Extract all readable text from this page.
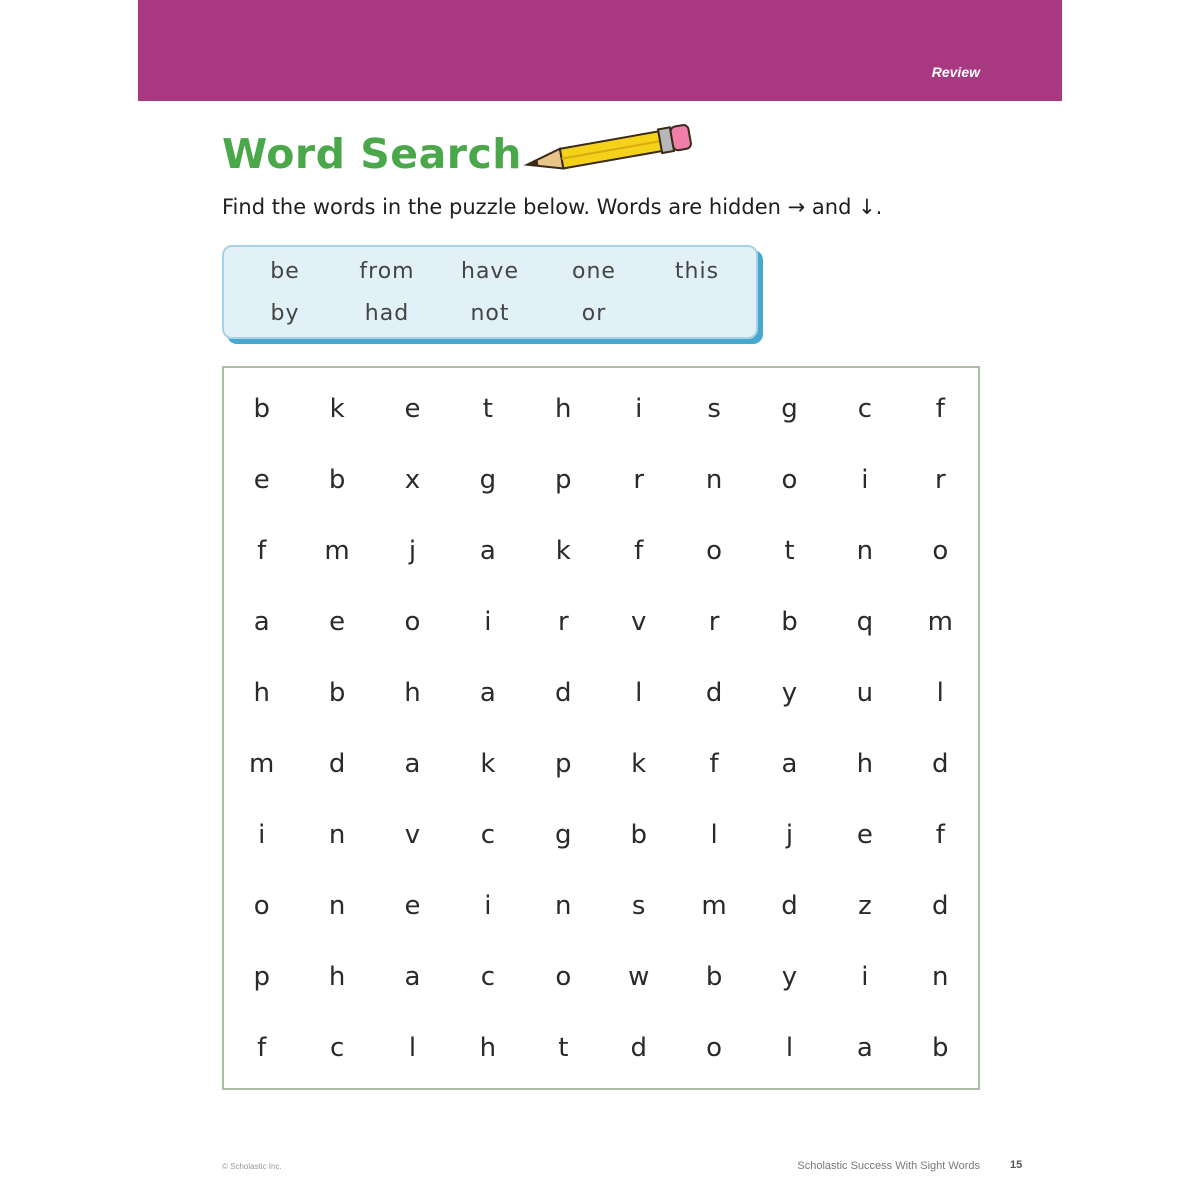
Review
Word Search

Find the words in the puzzle below. Words are hidden → and ↓.

be	from	have	one	this
by	had	not	or
b	k	e	t	h	i	s	g	c	f
e	b	x	g	p	r	n	o	i	r
f	m	j	a	k	f	o	t	n	o
a	e	o	i	r	v	r	b	q	m
h	b	h	a	d	l	d	y	u	l
m	d	a	k	p	k	f	a	h	d
i	n	v	c	g	b	l	j	e	f
o	n	e	i	n	s	m	d	z	d
p	h	a	c	o	w	b	y	i	n
f	c	l	h	t	d	o	l	a	b
© Scholastic Inc.	Scholastic Success With Sight Words	15
